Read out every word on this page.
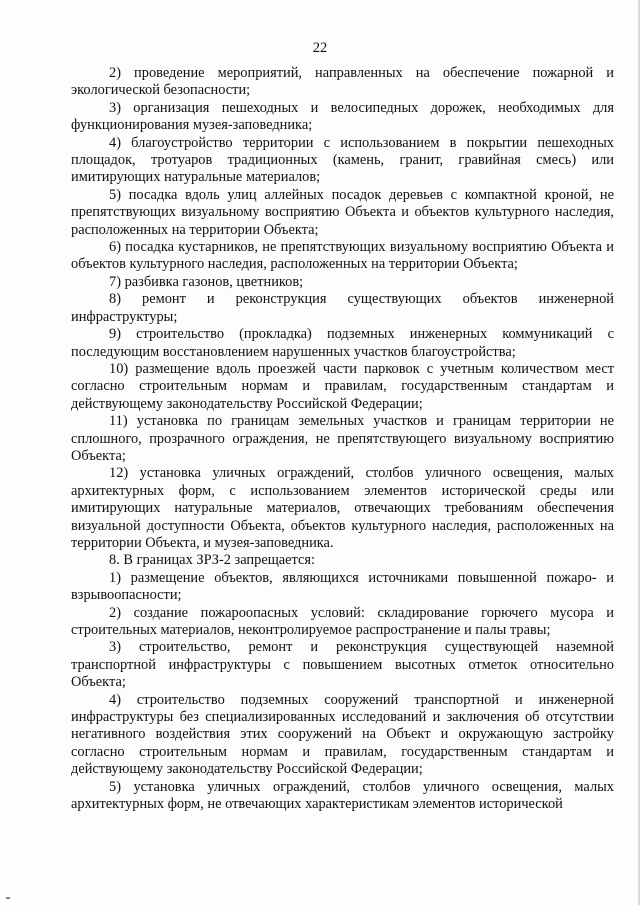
22

2) проведение мероприятий, направленных на обеспечение пожарной и экологической безопасности;

3) организация пешеходных и велосипедных дорожек, необходимых для функционирования музея-заповедника;

4) благоустройство территории с использованием в покрытии пешеходных площадок, тротуаров традиционных (камень, гранит, гравийная смесь) или имитирующих натуральные материалов;

5) посадка вдоль улиц аллейных посадок деревьев с компактной кроной, не препятствующих визуальному восприятию Объекта и объектов культурного наследия, расположенных на территории Объекта;

6) посадка кустарников, не препятствующих визуальному восприятию Объекта и объектов культурного наследия, расположенных на территории Объекта;

7) разбивка газонов, цветников;

8) ремонт и реконструкция существующих объектов инженерной инфраструктуры;

9) строительство (прокладка) подземных инженерных коммуникаций с последующим восстановлением нарушенных участков благоустройства;

10) размещение вдоль проезжей части парковок с учетным количеством мест согласно строительным нормам и правилам, государственным стандартам и действующему законодательству Российской Федерации;

11) установка по границам земельных участков и границам территории не сплошного, прозрачного ограждения, не препятствующего визуальному восприятию Объекта;

12) установка уличных ограждений, столбов уличного освещения, малых архитектурных форм, с использованием элементов исторической среды или имитирующих натуральные материалов, отвечающих требованиям обеспечения визуальной доступности Объекта, объектов культурного наследия, расположенных на территории Объекта, и музея-заповедника.

8. В границах ЗРЗ-2 запрещается:

1) размещение объектов, являющихся источниками повышенной пожаро- и взрывоопасности;

2) создание пожароопасных условий: складирование горючего мусора и строительных материалов, неконтролируемое распространение и палы травы;

3) строительство, ремонт и реконструкция существующей наземной транспортной инфраструктуры с повышением высотных отметок относительно Объекта;

4) строительство подземных сооружений транспортной и инженерной инфраструктуры без специализированных исследований и заключения об отсутствии негативного воздействия этих сооружений на Объект и окружающую застройку согласно строительным нормам и правилам, государственным стандартам и действующему законодательству Российской Федерации;

5) установка уличных ограждений, столбов уличного освещения, малых архитектурных форм, не отвечающих характеристикам элементов исторической
